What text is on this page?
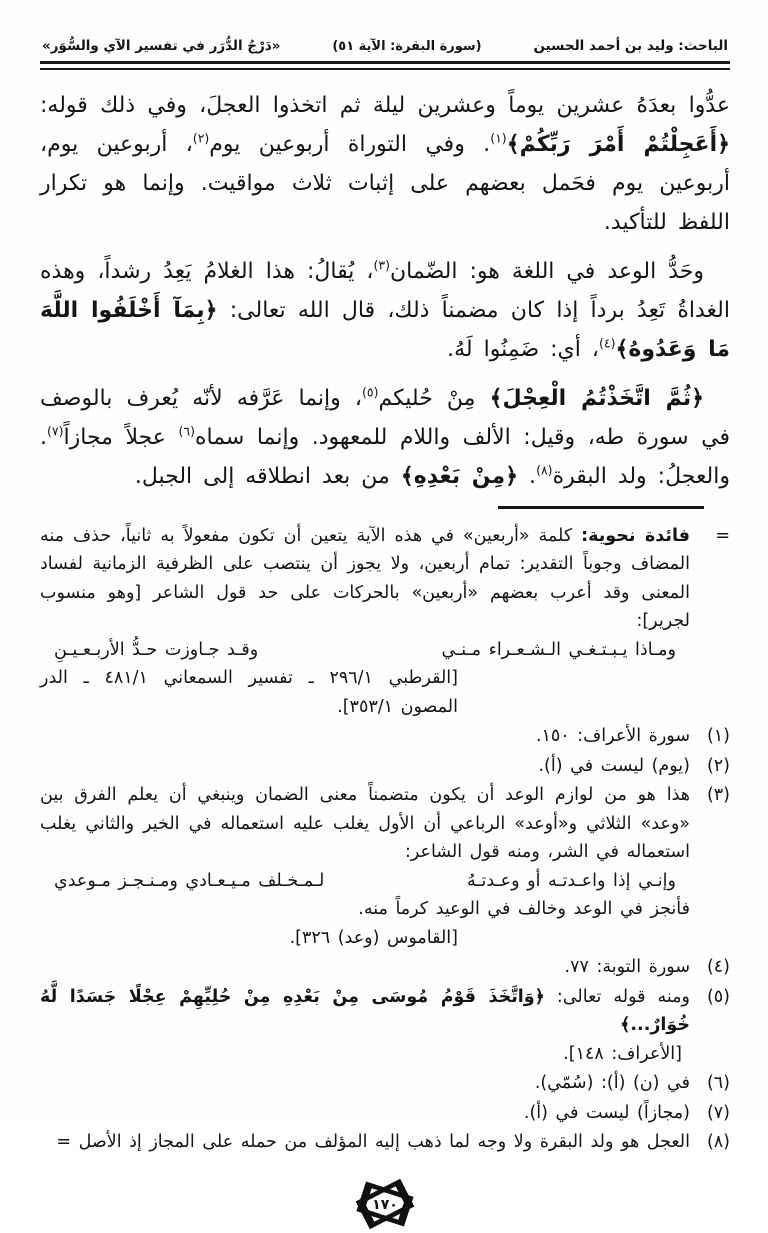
الباحث: وليد بن أحمد الحسين
(سورة البقرة: الآية ٥١)
«دَرْجُ الدُّرَر في تفسير الآي والسُّوَر»

عدُّوا بعدَهُ عشرين يوماً وعشرين ليلة ثم اتخذوا العجلَ، وفي ذلك قوله: ﴿أَعَجِلْتُمْ أَمْرَ رَبِّكُمْ﴾$^{(١)}$. وفي التوراة أربوعين يوم$^{(٢)}$، أربوعين يوم، أربوعين يوم فحَمل بعضهم على إثبات ثلاث مواقيت. وإنما هو تكرار اللفظ للتأكيد.

وحَدُّ الوعد في اللغة هو: الضّمان$^{(٣)}$، يُقالُ: هذا الغلامُ يَعِدُ رشداً، وهذه الغداةُ تَعِدُ برداً إذا كان مضمناً ذلك، قال الله تعالى: ﴿بِمَآ أَخْلَفُوا اللَّهَ مَا وَعَدُوهُ﴾$^{(٤)}$، أي: ضَمِنُوا لَهُ.

﴿ثُمَّ اتَّخَذْتُمُ الْعِجْلَ﴾ مِنْ حُليكم$^{(٥)}$، وإنما عَرَّفه لأنّه يُعرف بالوصف في سورة طه، وقيل: الألف واللام للمعهود. وإنما سماه$^{(٦)}$ عجلاً مجازاً$^{(٧)}$. والعجلُ: ولد البقرة$^{(٨)}$. ﴿مِنْ بَعْدِهِ﴾ من بعد انطلاقه إلى الجبل.

=
فائدة نحوية: كلمة «أربعين» في هذه الآية يتعين أن تكون مفعولاً به ثانياً، حذف منه المضاف وجوباً التقدير: تمام أربعين، ولا يجوز أن ينتصب على الظرفية الزمانية لفساد المعنى وقد أعرب بعضهم «أربعين» بالحركات على حد قول الشاعر [وهو منسوب لجرير]:
ومـاذا يـبـتـغـي الـشـعـراء مـنـي
وقـد جـاوزت حـدُّ الأربـعـيـنِ
[القرطبي ٢٩٦/١ ـ تفسير السمعاني ٤٨١/١ ـ الدر المصون ٣٥٣/١].
(١)
سورة الأعراف: ١٥٠.
(٢)
(يوم) ليست في (أ).
(٣)
هذا هو من لوازم الوعد أن يكون متضمناً معنى الضمان وينبغي أن يعلم الفرق بين «وعد» الثلاثي و«أوعد» الرباعي أن الأول يغلب عليه استعماله في الخير والثاني يغلب استعماله في الشر، ومنه قول الشاعر:
وإنـي إذا واعـدتـه أو وعـدتـهُ
لـمـخـلف مـيـعـادي ومـنـجـز مـوعدي
فأنجز في الوعد وخالف في الوعيد كرماً منه.
[القاموس (وعد) ٣٢٦].
(٤)
سورة التوبة: ٧٧.
(٥)
ومنه قوله تعالى: ﴿وَاتَّخَذَ قَوْمُ مُوسَى مِنْ بَعْدِهِ مِنْ حُلِيِّهِمْ عِجْلًا جَسَدًا لَّهُ خُوَارٌ...﴾
[الأعراف: ١٤٨].
(٦)
في (ن) (أ): (سُمّي).
(٧)
(مجازاً) ليست في (أ).
(٨)
العجل هو ولد البقرة ولا وجه لما ذهب إليه المؤلف من حمله على المجاز إذ الأصل =
١٧٠
